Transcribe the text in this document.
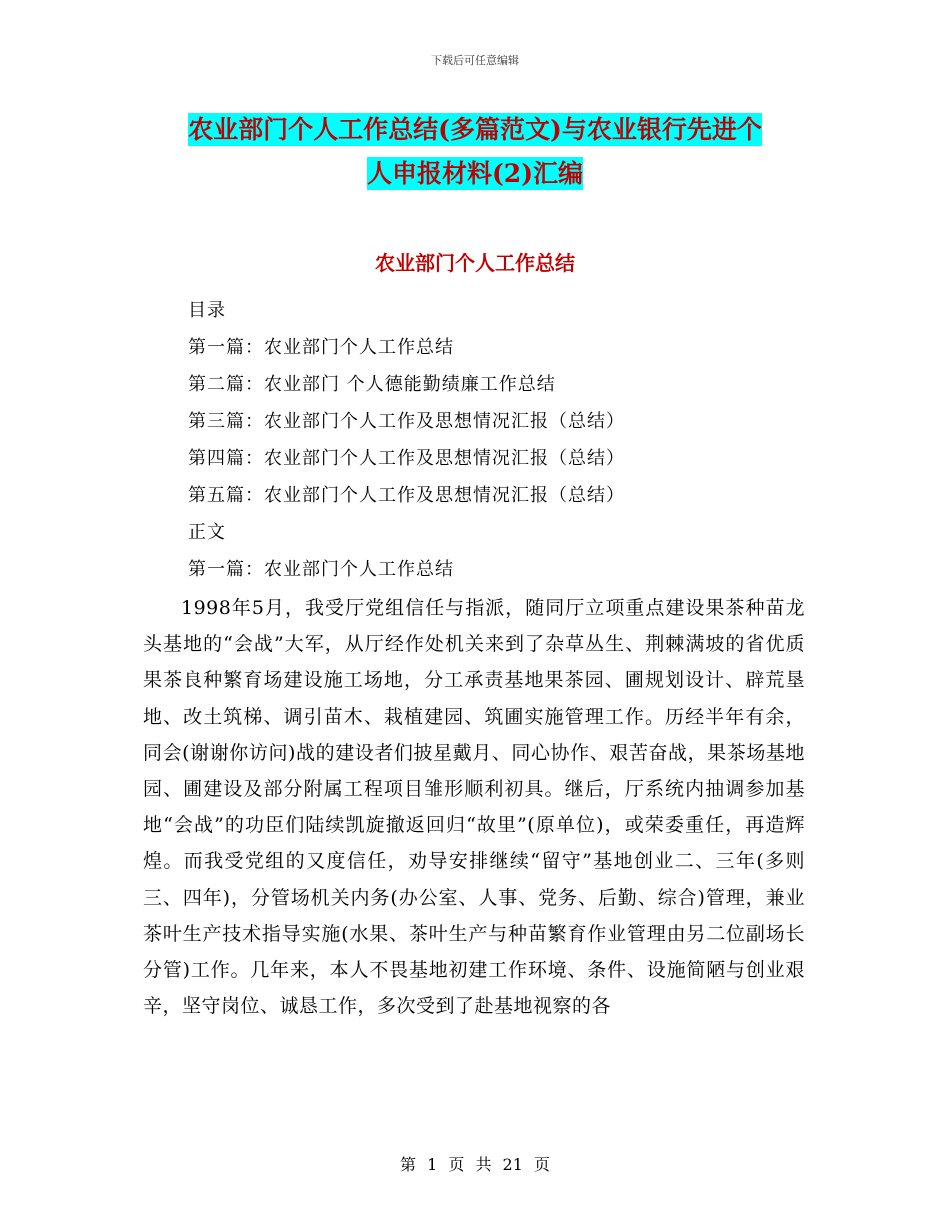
下载后可任意编辑
农业部门个人工作总结(多篇范文)与农业银行先进个
人申报材料(2)汇编
农业部门个人工作总结
目录
第一篇：农业部门个人工作总结
第二篇：农业部门 个人德能勤绩廉工作总结
第三篇：农业部门个人工作及思想情况汇报（总结）
第四篇：农业部门个人工作及思想情况汇报（总结）
第五篇：农业部门个人工作及思想情况汇报（总结）
正文
第一篇：农业部门个人工作总结

1998年5月，我受厅党组信任与指派，随同厅立项重点建设果茶种苗龙头基地的“会战”大军，从厅经作处机关来到了杂草丛生、荆棘满坡的省优质果茶良种繁育场建设施工场地，分工承责基地果茶园、圃规划设计、辟荒垦地、改土筑梯、调引苗木、栽植建园、筑圃实施管理工作。历经半年有余，同会(谢谢你访问)战的建设者们披星戴月、同心协作、艰苦奋战，果茶场基地园、圃建设及部分附属工程项目雏形顺利初具。继后，厅系统内抽调参加基地“会战”的功臣们陆续凯旋撤返回归“故里”(原单位)，或荣委重任，再造辉煌。而我受党组的又度信任，劝导安排继续“留守”基地创业二、三年(多则三、四年)，分管场机关内务(办公室、人事、党务、后勤、综合)管理，兼业茶叶生产技术指导实施(水果、茶叶生产与种苗繁育作业管理由另二位副场长分管)工作。几年来，本人不畏基地初建工作环境、条件、设施简陋与创业艰辛，坚守岗位、诚恳工作，多次受到了赴基地视察的各

第 1 页 共 21 页
